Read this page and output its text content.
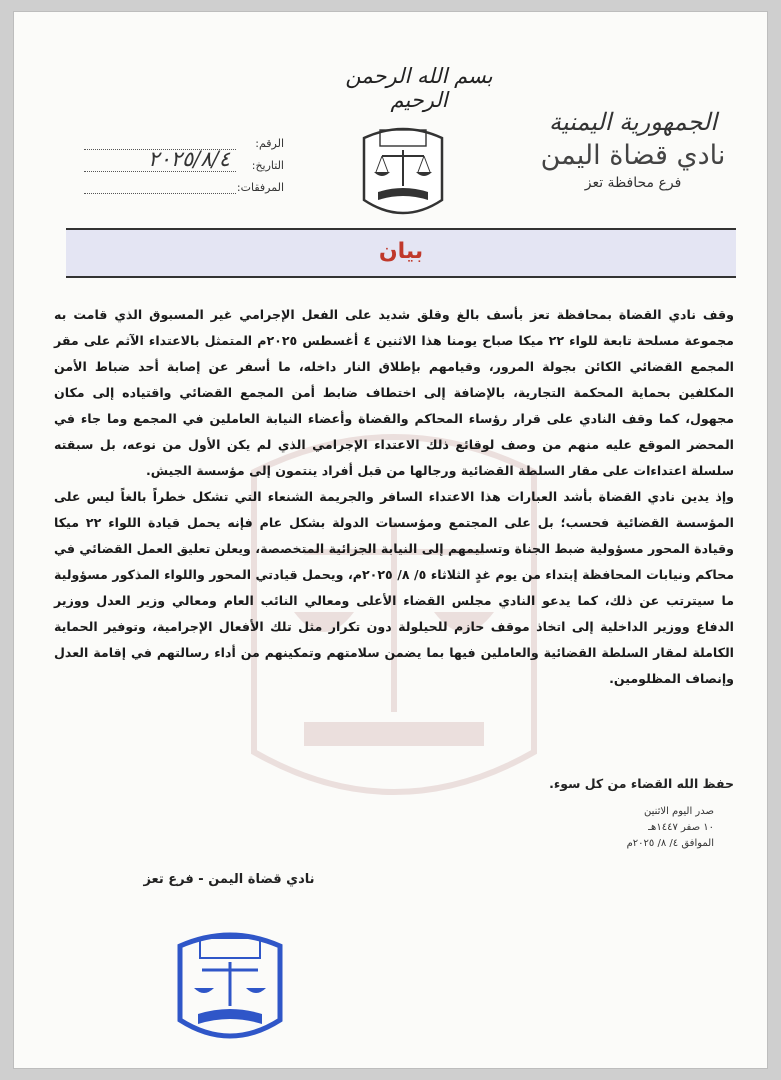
بسم الله الرحمن الرحيم
الجمهورية اليمنية
نادي قضاة اليمن
فرع محافظة تعز
الرقم:
التاريخ:
٢٠٢٥/٨/٤
المرفقات:
بيان

وقف نادي القضاة بمحافظة تعز بأسف بالغ وقلق شديد على الفعل الإجرامي غير المسبوق الذي قامت به مجموعة مسلحة تابعة للواء ٢٢ ميكا صباح يومنا هذا الاثنين ٤ أغسطس ٢٠٢٥م المتمثل بالاعتداء الآثم على مقر المجمع القضائي الكائن بجولة المرور، وقيامهم بإطلاق النار داخله، ما أسفر عن إصابة أحد ضباط الأمن المكلفين بحماية المحكمة التجارية، بالإضافة إلى اختطاف ضابط أمن المجمع القضائي واقتياده إلى مكان مجهول، كما وقف النادي على قرار رؤساء المحاكم والقضاة وأعضاء النيابة العاملين في المجمع وما جاء في المحضر الموقع عليه منهم من وصف لوقائع ذلك الاعتداء الإجرامي الذي لم يكن الأول من نوعه، بل سبقته سلسلة اعتداءات على مقار السلطة القضائية ورجالها من قبل أفراد ينتمون إلى مؤسسة الجيش.

وإذ يدين نادي القضاة بأشد العبارات هذا الاعتداء السافر والجريمة الشنعاء التي تشكل خطراً بالغاً ليس على المؤسسة القضائية فحسب؛ بل على المجتمع ومؤسسات الدولة بشكل عام فإنه يحمل قيادة اللواء ٢٢ ميكا وقيادة المحور مسؤولية ضبط الجناة وتسليمهم إلى النيابة الجزائية المتخصصة، ويعلن تعليق العمل القضائي في محاكم ونيابات المحافظة إبتداء من يوم غدٍ الثلاثاء ٥/ ٨/ ٢٠٢٥م، ويحمل قيادتي المحور واللواء المذكور مسؤولية ما سيترتب عن ذلك، كما يدعو النادي مجلس القضاء الأعلى ومعالي النائب العام ومعالي وزير العدل ووزير الدفاع ووزير الداخلية إلى اتخاذ موقف حازم للحيلولة دون تكرار مثل تلك الأفعال الإجرامية، وتوفير الحماية الكاملة لمقار السلطة القضائية والعاملين فيها بما يضمن سلامتهم وتمكينهم من أداء رسالتهم في إقامة العدل وإنصاف المظلومين.

حفظ الله القضاء من كل سوء.
صدر اليوم الاثنين
١٠ صفر ١٤٤٧هـ
الموافق ٤/ ٨/ ٢٠٢٥م
نادي قضاة اليمن - فرع تعز
